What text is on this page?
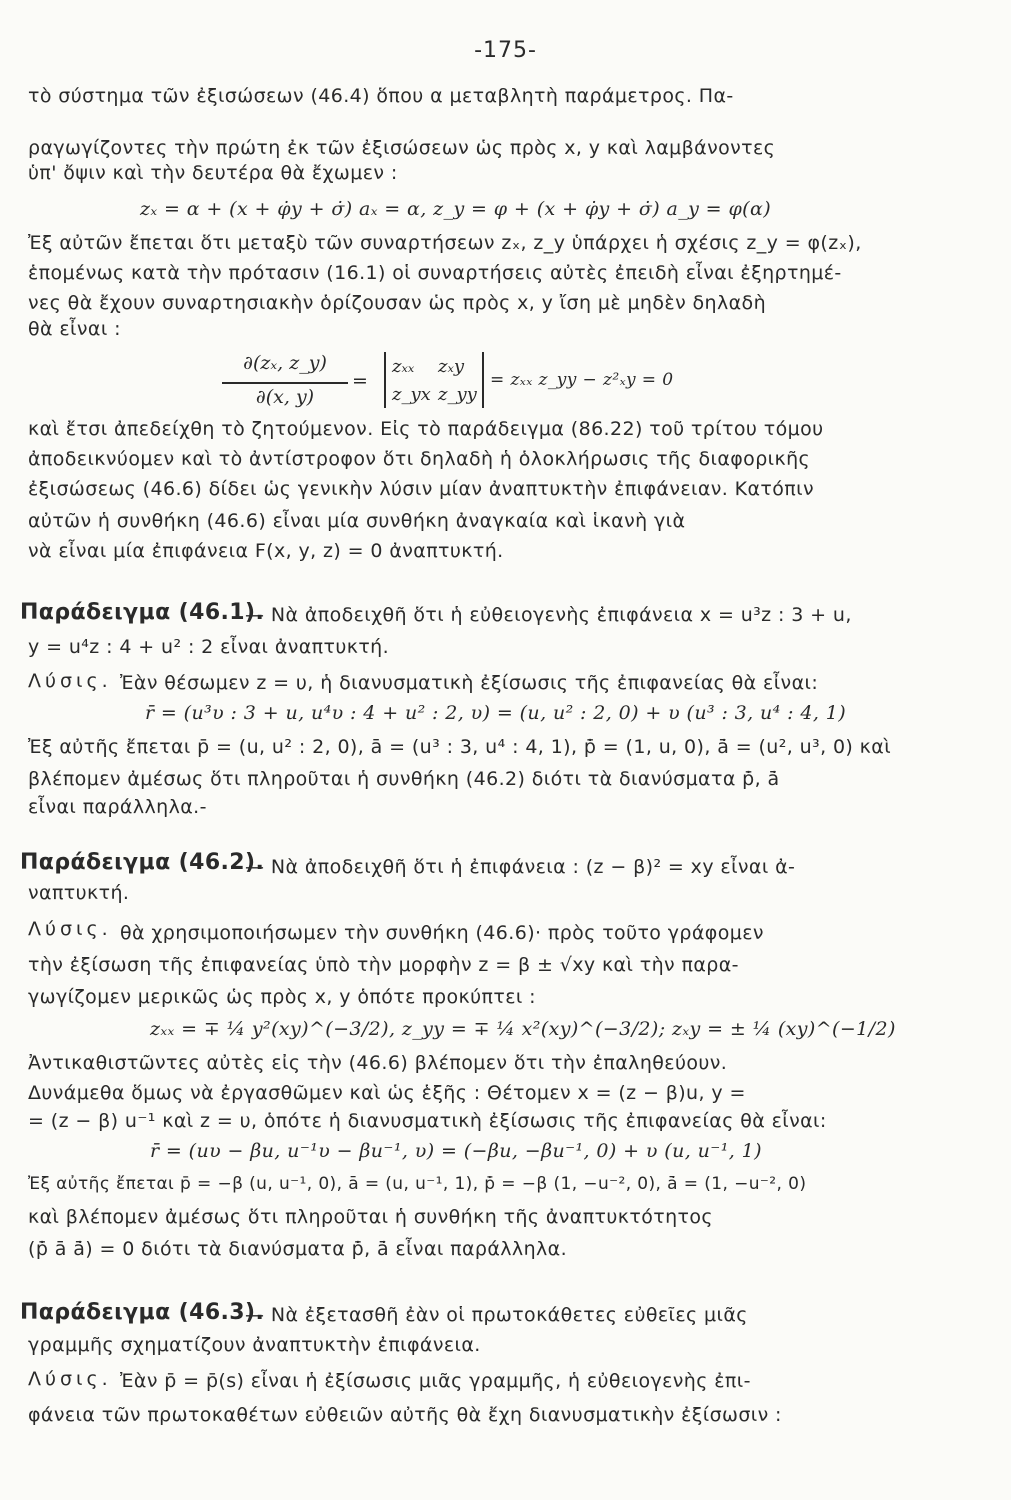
-175-
τὸ σύστημα τῶν ἐξισώσεων (46.4) ὅπου α μεταβλητὴ παράμετρος. Πα-
ραγωγίζοντες τὴν πρώτη ἐκ τῶν ἐξισώσεων ὡς πρὸς x, y καὶ λαμβάνοντες
ὑπ' ὄψιν καὶ τὴν δευτέρα θὰ ἔχωμεν :
zₓ = α + (x + φ̇y + σ̇) aₓ = α, z_y = φ + (x + φ̇y + σ̇) a_y = φ(α)
Ἐξ αὐτῶν ἔπεται ὅτι μεταξὺ τῶν συναρτήσεων zₓ, z_y ὑπάρχει ἡ σχέσις z_y = φ(zₓ),
ἑπομένως κατὰ τὴν πρότασιν (16.1) οἱ συναρτήσεις αὐτὲς ἐπειδὴ εἶναι ἐξηρτημέ-
νες θὰ ἔχουν συναρτησιακὴν ὁρίζουσαν ὡς πρὸς x, y ἴση μὲ μηδὲν δηλαδὴ
θὰ εἶναι :
∂(zₓ, z_y)
∂(x, y)
=
zₓₓ zₓy
z_yx z_yy
= zₓₓ z_yy − z²ₓy = 0
καὶ ἔτσι ἀπεδείχθη τὸ ζητούμενον. Εἰς τὸ παράδειγμα (86.22) τοῦ τρίτου τόμου
ἀποδεικνύομεν καὶ τὸ ἀντίστροφον ὅτι δηλαδὴ ἡ ὁλοκλήρωσις τῆς διαφορικῆς
ἐξισώσεως (46.6) δίδει ὡς γενικὴν λύσιν μίαν ἀναπτυκτὴν ἐπιφάνειαν. Κατόπιν
αὐτῶν ἡ συνθήκη (46.6) εἶναι μία συνθήκη ἀναγκαία καὶ ἱκανὴ γιὰ
νὰ εἶναι μία ἐπιφάνεια F(x, y, z) = 0 ἀναπτυκτή.
Παράδειγμα (46.1).
— Νὰ ἀποδειχθῆ ὅτι ἡ εὐθειογενὴς ἐπιφάνεια x = u³z : 3 + u,
y = u⁴z : 4 + u² : 2 εἶναι ἀναπτυκτή.
Λύσις. Ἐὰν θέσωμεν z = υ, ἡ διανυσματικὴ ἐξίσωσις τῆς ἐπιφανείας θὰ εἶναι:
r̄ = (u³υ : 3 + u, u⁴υ : 4 + u² : 2, υ) = (u, u² : 2, 0) + υ (u³ : 3, u⁴ : 4, 1)
Ἐξ αὐτῆς ἔπεται p̄ = (u, u² : 2, 0), ā = (u³ : 3, u⁴ : 4, 1), p̄̇ = (1, u, 0), ā̇ = (u², u³, 0) καὶ
βλέπομεν ἀμέσως ὅτι πληροῦται ἡ συνθήκη (46.2) διότι τὰ διανύσματα p̄̇, ā̇
εἶναι παράλληλα.-
Παράδειγμα (46.2).
— Νὰ ἀποδειχθῆ ὅτι ἡ ἐπιφάνεια : (z − β)² = xy εἶναι ἀ-
ναπτυκτή.
Λύσις. θὰ χρησιμοποιήσωμεν τὴν συνθήκη (46.6)· πρὸς τοῦτο γράφομεν
τὴν ἐξίσωση τῆς ἐπιφανείας ὑπὸ τὴν μορφὴν z = β ± √xy καὶ τὴν παρα-
γωγίζομεν μερικῶς ὡς πρὸς x, y ὁπότε προκύπτει :
zₓₓ = ∓ ¼ y²(xy)^(−3/2), z_yy = ∓ ¼ x²(xy)^(−3/2); zₓy = ± ¼ (xy)^(−1/2)
Ἀντικαθιστῶντες αὐτὲς εἰς τὴν (46.6) βλέπομεν ὅτι τὴν ἐπαληθεύουν.
Δυνάμεθα ὅμως νὰ ἐργασθῶμεν καὶ ὡς ἑξῆς : Θέτομεν x = (z − β)u, y =
= (z − β) u⁻¹ καὶ z = υ, ὁπότε ἡ διανυσματικὴ ἐξίσωσις τῆς ἐπιφανείας θὰ εἶναι:
r̄ = (uυ − βu, u⁻¹υ − βu⁻¹, υ) = (−βu, −βu⁻¹, 0) + υ (u, u⁻¹, 1)
Ἐξ αὐτῆς ἔπεται p̄ = −β (u, u⁻¹, 0), ā = (u, u⁻¹, 1), p̄̇ = −β (1, −u⁻², 0), ā̇ = (1, −u⁻², 0)
καὶ βλέπομεν ἀμέσως ὅτι πληροῦται ἡ συνθήκη τῆς ἀναπτυκτότητος
(p̄̇ ā ā̇) = 0 διότι τὰ διανύσματα p̄̇, ā̇ εἶναι παράλληλα.
Παράδειγμα (46.3).
— Νὰ ἐξετασθῆ ἐὰν οἱ πρωτοκάθετες εὐθεῖες μιᾶς
γραμμῆς σχηματίζουν ἀναπτυκτὴν ἐπιφάνεια.
Λύσις. Ἐὰν p̄ = p̄(s) εἶναι ἡ ἐξίσωσις μιᾶς γραμμῆς, ἡ εὐθειογενὴς ἐπι-
φάνεια τῶν πρωτοκαθέτων εὐθειῶν αὐτῆς θὰ ἔχη διανυσματικὴν ἐξίσωσιν :
